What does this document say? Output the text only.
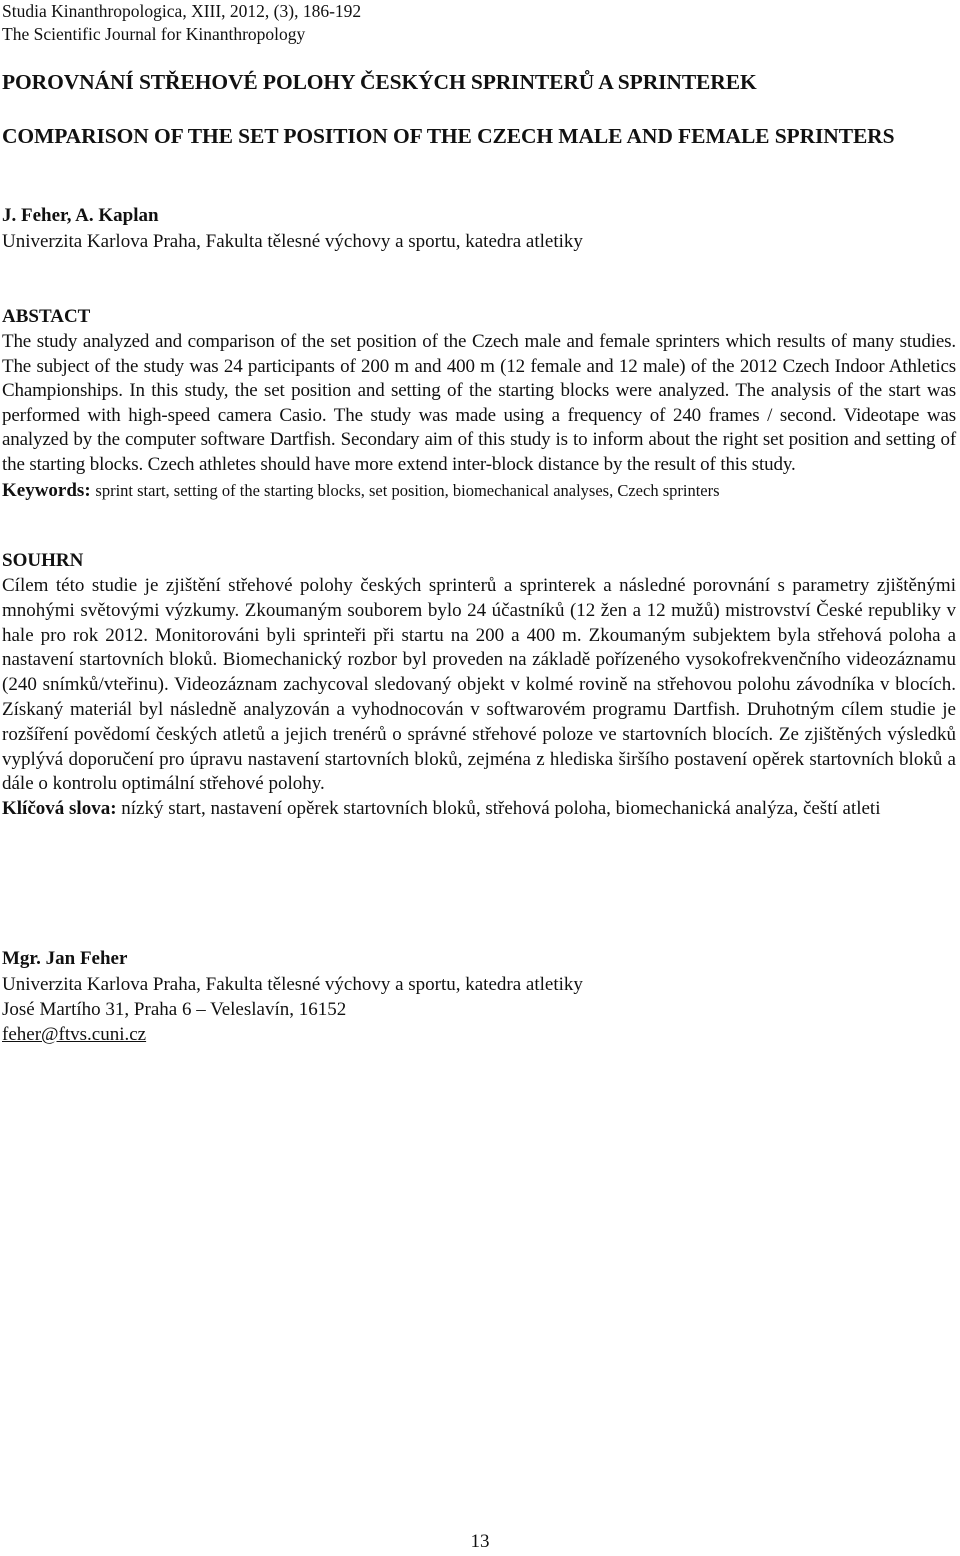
Studia Kinanthropologica, XIII, 2012, (3), 186-192

The Scientific Journal for Kinanthropology

POROVNÁNÍ STŘEHOVÉ POLOHY ČESKÝCH SPRINTERŮ A SPRINTEREK
COMPARISON OF THE SET POSITION OF THE CZECH MALE AND FEMALE SPRINTERS

J. Feher, A. Kaplan

Univerzita Karlova Praha, Fakulta tělesné výchovy a sportu, katedra atletiky

ABSTACT

The study analyzed and comparison of the set position of the Czech male and female sprinters which results of many studies. The subject of the study was 24 participants of 200 m and 400 m (12 female and 12 male) of the 2012 Czech Indoor Athletics Championships. In this study, the set position and setting of the starting blocks were analyzed. The analysis of the start was performed with high-speed camera Casio. The study was made using a frequency of 240 frames / second. Videotape was analyzed by the computer software Dartfish. Secondary aim of this study is to inform about the right set position and setting of the starting blocks. Czech athletes should have more extend inter-block distance by the result of this study.

Keywords: sprint start, setting of the starting blocks, set position, biomechanical analyses, Czech sprinters

SOUHRN

Cílem této studie je zjištění střehové polohy českých sprinterů a sprinterek a následné porovnání s parametry zjištěnými mnohými světovými výzkumy. Zkoumaným souborem bylo 24 účastníků (12 žen a 12 mužů) mistrovství České republiky v hale pro rok 2012. Monitorováni byli sprinteři při startu na 200 a 400 m. Zkoumaným subjektem byla střehová poloha a nastavení startovních bloků. Biomechanický rozbor byl proveden na základě pořízeného vysokofrekvenčního videozáznamu (240 snímků/vteřinu). Videozáznam zachycoval sledovaný objekt v kolmé rovině na střehovou polohu závodníka v blocích. Získaný materiál byl následně analyzován a vyhodnocován v softwarovém programu Dartfish. Druhotným cílem studie je rozšíření povědomí českých atletů a jejich trenérů o správné střehové poloze ve startovních blocích. Ze zjištěných výsledků vyplývá doporučení pro úpravu nastavení startovních bloků, zejména z hlediska širšího postavení opěrek startovních bloků a dále o kontrolu optimální střehové polohy.

Klíčová slova: nízký start, nastavení opěrek startovních bloků, střehová poloha, biomechanická analýza, čeští atleti

Mgr. Jan Feher

Univerzita Karlova Praha, Fakulta tělesné výchovy a sportu, katedra atletiky

José Martího 31, Praha 6 – Veleslavín, 16152

feher@ftvs.cuni.cz

13
